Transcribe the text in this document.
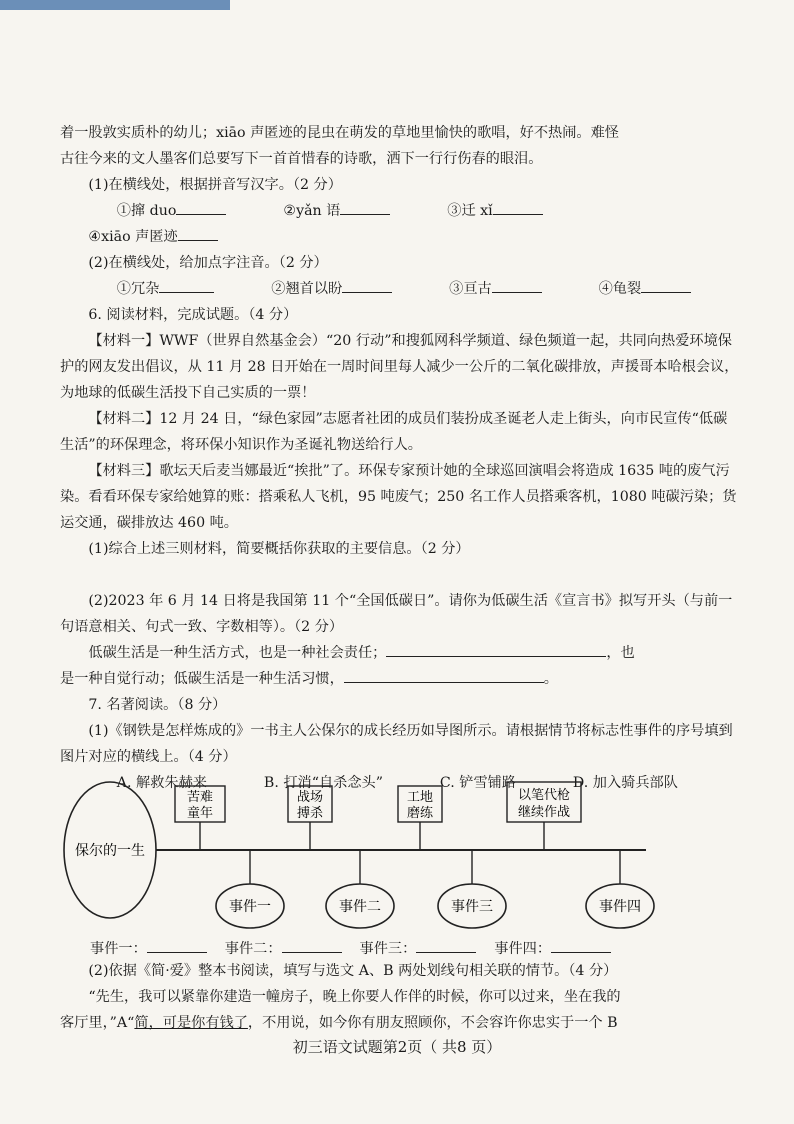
着一股敦实质朴的幼儿；xiāo 声匿迹的昆虫在萌发的草地里愉快的歌唱，好不热闹。难怪

古往今来的文人墨客们总要写下一首首惜春的诗歌，洒下一行行伤春的眼泪。

(1)在横线处，根据拼音写汉字。（2 分）

①撺 duo	②yǎn 语	③迁 xǐ ④xiāo 声匿迹

(2)在横线处，给加点字注音。（2 分）

①冗杂	②翘首以盼	③亘古	④龟裂

6. 阅读材料，完成试题。（4 分）

【材料一】WWF（世界自然基金会）“20 行动”和搜狐网科学频道、绿色频道一起，共同向热爱环境保护的网友发出倡议，从 11 月 28 日开始在一周时间里每人减少一公斤的二氧化碳排放，声援哥本哈根会议，为地球的低碳生活投下自己实质的一票！

【材料二】12 月 24 日，“绿色家园”志愿者社团的成员们装扮成圣诞老人走上街头，向市民宣传“低碳生活”的环保理念，将环保小知识作为圣诞礼物送给行人。

【材料三】歌坛天后麦当娜最近“挨批”了。环保专家预计她的全球巡回演唱会将造成 1635 吨的废气污染。看看环保专家给她算的账：搭乘私人飞机，95 吨废气；250 名工作人员搭乘客机，1080 吨碳污染；货运交通，碳排放达 460 吨。

(1)综合上述三则材料，简要概括你获取的主要信息。（2 分）

(2)2023 年 6 月 14 日将是我国第 11 个“全国低碳日”。请你为低碳生活《宣言书》拟写开头（与前一句语意相关、句式一致、字数相等）。（2 分）

低碳生活是一种生活方式，也是一种社会责任；	，也

是一种自觉行动；低碳生活是一种生活习惯，	。

7. 名著阅读。（8 分）

(1)《钢铁是怎样炼成的》一书主人公保尔的成长经历如导图所示。请根据情节将标志性事件的序号填到图片对应的横线上。（4 分）

A. 解救朱赫来	B. 打消“自杀念头”	C. 铲雪铺路	D. 加入骑兵部队

保尔的一生
苦难
童年
战场
搏杀
工地
磨练
以笔代枪
继续作战
事件一	事件二	事件三	事件四
事件一：	事件二：	事件三：	事件四：

(2)依据《简·爱》整本书阅读，填写与选文 A、B 两处划线句相关联的情节。（4 分）

“先生，我可以紧靠你建造一幢房子，晚上你要人作伴的时候，你可以过来，坐在我的

客厅里，”A“简，可是你有钱了，不用说，如今你有朋友照顾你，不会容许你忠实于一个 B

初三语文试题第2页（ 共8 页）
